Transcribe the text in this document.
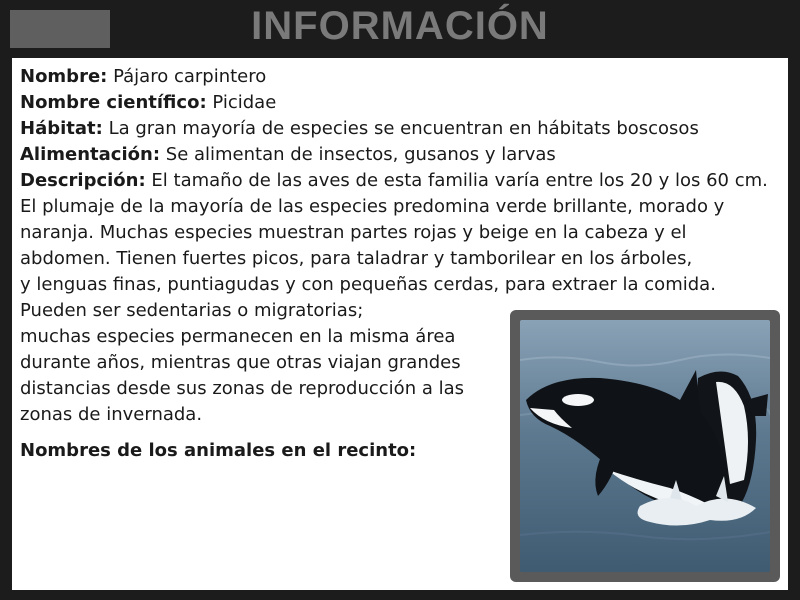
INFORMACIÓN

Nombre: Pájaro carpintero

Nombre científico: Picidae

Hábitat: La gran mayoría de especies se encuentran en hábitats boscosos

Alimentación: Se alimentan de insectos, gusanos y larvas

Descripción: El tamaño de las aves de esta familia varía entre los 20 y los 60 cm.

El plumaje de la mayoría de las especies predomina verde brillante, morado y

naranja. Muchas especies muestran partes rojas y beige en la cabeza y el

abdomen. Tienen fuertes picos, para taladrar y tamborilear en los árboles,

y lenguas finas, puntiagudas y con pequeñas cerdas, para extraer la comida.

Pueden ser sedentarias o migratorias;

muchas especies permanecen en la misma área

durante años, mientras que otras viajan grandes

distancias desde sus zonas de reproducción a las

zonas de invernada.

Nombres de los animales en el recinto:
